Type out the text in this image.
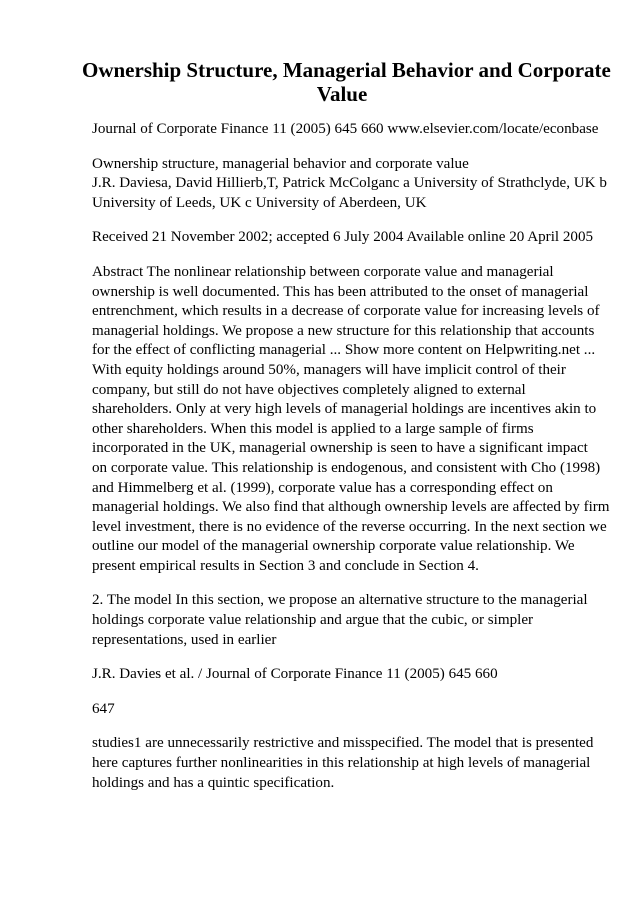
Ownership Structure, Managerial Behavior and Corporate
Value
Journal of Corporate Finance 11 (2005) 645 660 www.elsevier.com/locate/econbase
Ownership structure, managerial behavior and corporate value
J.R. Daviesa, David Hillierb,T, Patrick McColganc a University of Strathclyde, UK b
University of Leeds, UK c University of Aberdeen, UK
Received 21 November 2002; accepted 6 July 2004 Available online 20 April 2005
Abstract The nonlinear relationship between corporate value and managerial
ownership is well documented. This has been attributed to the onset of managerial
entrenchment, which results in a decrease of corporate value for increasing levels of
managerial holdings. We propose a new structure for this relationship that accounts
for the effect of conflicting managerial ... Show more content on Helpwriting.net ...
With equity holdings around 50%, managers will have implicit control of their
company, but still do not have objectives completely aligned to external
shareholders. Only at very high levels of managerial holdings are incentives akin to
other shareholders. When this model is applied to a large sample of firms
incorporated in the UK, managerial ownership is seen to have a significant impact
on corporate value. This relationship is endogenous, and consistent with Cho (1998)
and Himmelberg et al. (1999), corporate value has a corresponding effect on
managerial holdings. We also find that although ownership levels are affected by firm
level investment, there is no evidence of the reverse occurring. In the next section we
outline our model of the managerial ownership corporate value relationship. We
present empirical results in Section 3 and conclude in Section 4.
2. The model In this section, we propose an alternative structure to the managerial
holdings corporate value relationship and argue that the cubic, or simpler
representations, used in earlier
J.R. Davies et al. / Journal of Corporate Finance 11 (2005) 645 660
647
studies1 are unnecessarily restrictive and misspecified. The model that is presented
here captures further nonlinearities in this relationship at high levels of managerial
holdings and has a quintic specification.
